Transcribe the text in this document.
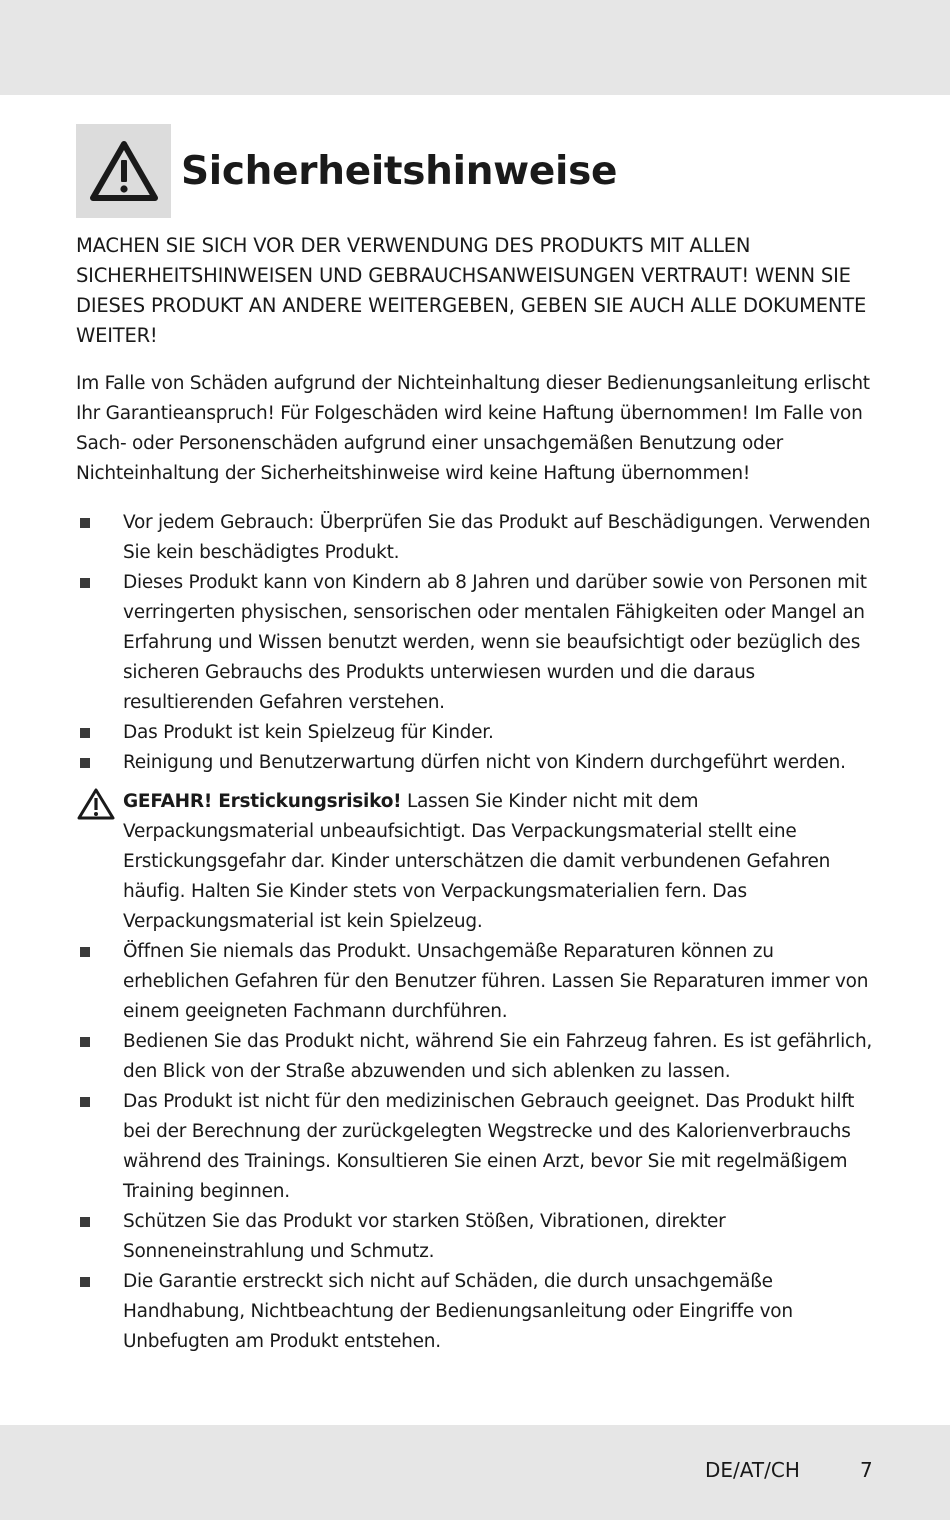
Sicherheitshinweise

MACHEN SIE SICH VOR DER VERWENDUNG DES PRODUKTS MIT ALLEN SICHERHEITSHINWEISEN UND GEBRAUCHSANWEISUNGEN VERTRAUT! WENN SIE DIESES PRODUKT AN ANDERE WEITERGEBEN, GEBEN SIE AUCH ALLE DOKUMENTE WEITER!

Im Falle von Schäden aufgrund der Nichteinhaltung dieser Bedienungsanleitung erlischt Ihr Garantieanspruch! Für Folgeschäden wird keine Haftung übernommen! Im Falle von Sach- oder Personenschäden aufgrund einer unsachgemäßen Benutzung oder Nichteinhaltung der Sicherheitshinweise wird keine Haftung übernommen!

Vor jedem Gebrauch: Überprüfen Sie das Produkt auf Beschädigungen. Verwenden Sie kein beschädigtes Produkt.
Dieses Produkt kann von Kindern ab 8 Jahren und darüber sowie von Personen mit verringerten physischen, sensorischen oder mentalen Fähigkeiten oder Mangel an Erfahrung und Wissen benutzt werden, wenn sie beaufsichtigt oder bezüglich des sicheren Gebrauchs des Produkts unterwiesen wurden und die daraus resultierenden Gefahren verstehen.
Das Produkt ist kein Spielzeug für Kinder.
Reinigung und Benutzerwartung dürfen nicht von Kindern durchgeführt werden.
GEFAHR! Erstickungsrisiko! Lassen Sie Kinder nicht mit dem Verpackungsmaterial unbeaufsichtigt. Das Verpackungsmaterial stellt eine Erstickungsgefahr dar. Kinder unterschätzen die damit verbundenen Gefahren häufig. Halten Sie Kinder stets von Verpackungsmaterialien fern. Das Verpackungsmaterial ist kein Spielzeug.
Öffnen Sie niemals das Produkt. Unsachgemäße Reparaturen können zu erheblichen Gefahren für den Benutzer führen. Lassen Sie Reparaturen immer von einem geeigneten Fachmann durchführen.
Bedienen Sie das Produkt nicht, während Sie ein Fahrzeug fahren. Es ist gefährlich, den Blick von der Straße abzuwenden und sich ablenken zu lassen.
Das Produkt ist nicht für den medizinischen Gebrauch geeignet. Das Produkt hilft bei der Berechnung der zurückgelegten Wegstrecke und des Kalorienverbrauchs während des Trainings. Konsultieren Sie einen Arzt, bevor Sie mit regelmäßigem Training beginnen.
Schützen Sie das Produkt vor starken Stößen, Vibrationen, direkter Sonneneinstrahlung und Schmutz.
Die Garantie erstreckt sich nicht auf Schäden, die durch unsachgemäße Handhabung, Nichtbeachtung der Bedienungsanleitung oder Eingriffe von Unbefugten am Produkt entstehen.
DE/AT/CH	7
